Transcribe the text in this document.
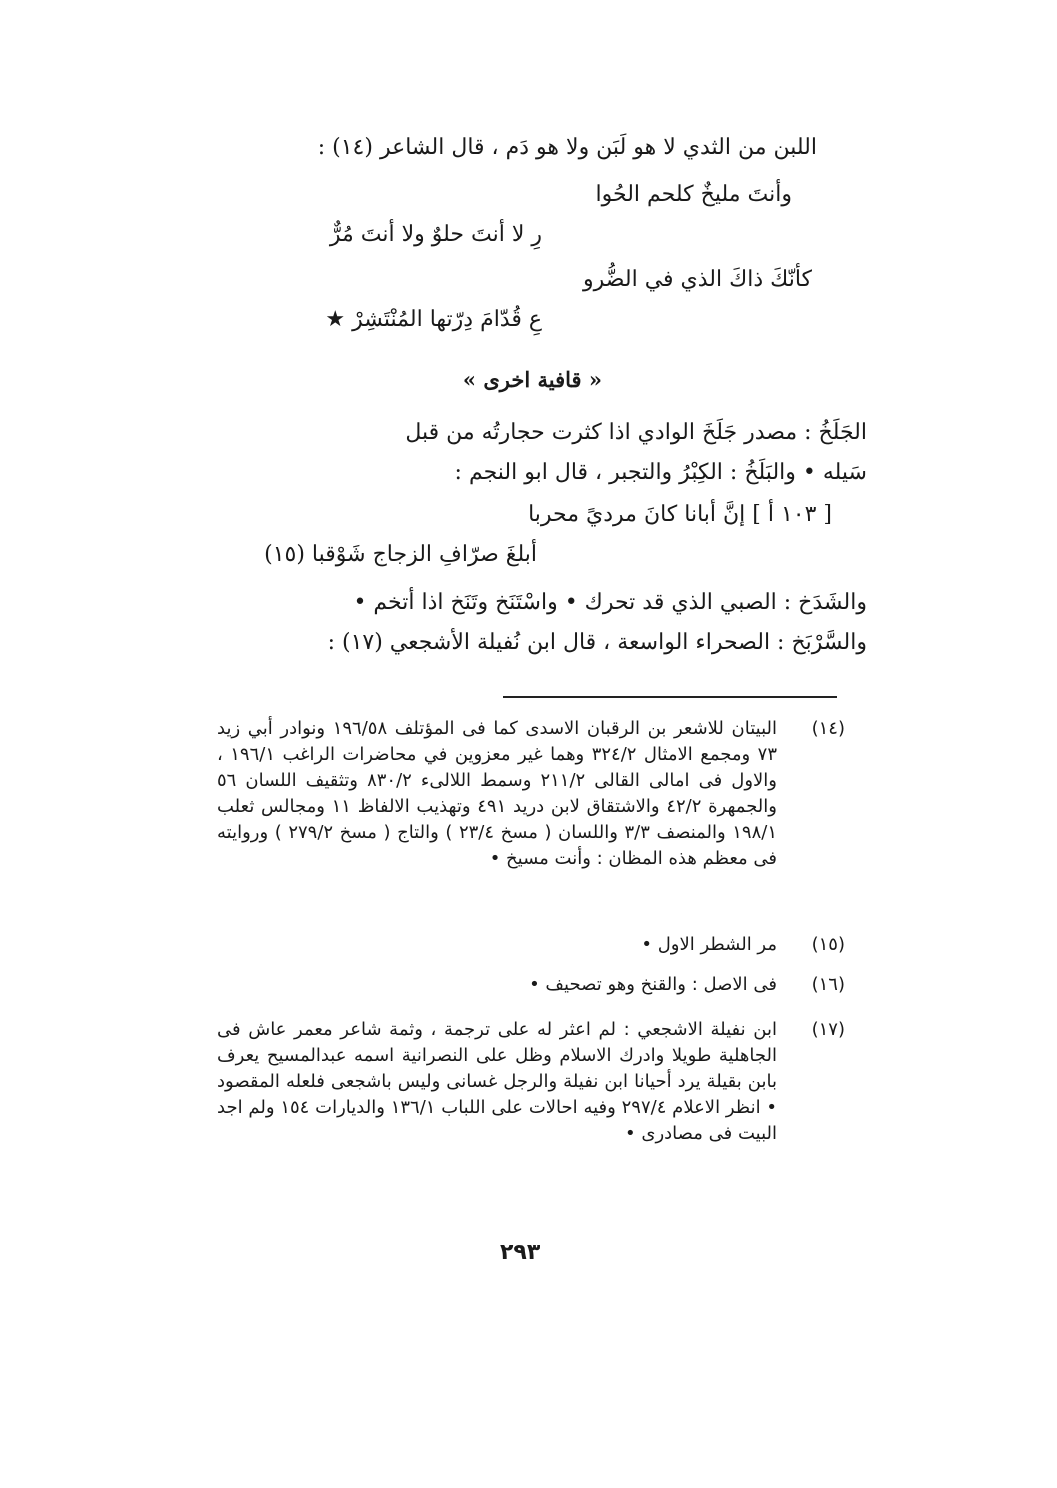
اللبن من الثدي لا هو لَبَن ولا هو دَم ، قال الشاعر (١٤) :
وأنتَ مليخٌ كلحم الحُوا
رِ لا أنتَ حلوٌ ولا أنتَ مُرٌّ
كأنّكَ ذاكَ الذي في الضُّرو
عِ قُدّامَ دِرّتها المُنْتَشِرْ ★
« قافية اخرى »
الجَلَخُ : مصدر جَلَخَ الوادي اذا كثرت حجارتُه من قبل
سَيله • والبَلَخُ : الكِبْرُ والتجبر ، قال ابو النجم :
[ ١٠٣ أ ] إنَّ أبانا كانَ مرديً محربا
أبلغَ صرّافِ الزجاج شَوْقبا (١٥)
والشَدَخ : الصبي الذي قد تحرك • واسْتَنَخ وتَنَخ اذا أتخم •
والسَّرْبَخ : الصحراء الواسعة ، قال ابن نُفيلة الأشجعي (١٧) :
(١٤)
البيتان للاشعر بن الرقبان الاسدى كما فى المؤتلف ١٩٦/٥٨ ونوادر أبي زيد ٧٣ ومجمع الامثال ٣٢٤/٢ وهما غير معزوين في محاضرات الراغب ١٩٦/١ ، والاول فى امالى القالى ٢١١/٢ وسمط اللالىء ٨٣٠/٢ وتثقيف اللسان ٥٦ والجمهرة ٤٢/٢ والاشتقاق لابن دريد ٤٩١ وتهذيب الالفاظ ١١ ومجالس ثعلب ١٩٨/١ والمنصف ٣/٣ واللسان ( مسخ ٢٣/٤ ) والتاج ( مسخ ٢٧٩/٢ ) وروايته فى معظم هذه المظان : وأنت مسيخ •
(١٥)
مر الشطر الاول •
(١٦)
فى الاصل : والقنخ وهو تصحيف •
(١٧)
ابن نفيلة الاشجعي : لم اعثر له على ترجمة ، وثمة شاعر معمر عاش فى الجاهلية طويلا وادرك الاسلام وظل على النصرانية اسمه عبدالمسيح يعرف بابن بقيلة يرد أحيانا ابن نفيلة والرجل غسانى وليس باشجعى فلعله المقصود • انظر الاعلام ٢٩٧/٤ وفيه احالات على اللباب ١٣٦/١ والديارات ١٥٤ ولم اجد البيت فى مصادرى •
٢٩٣
